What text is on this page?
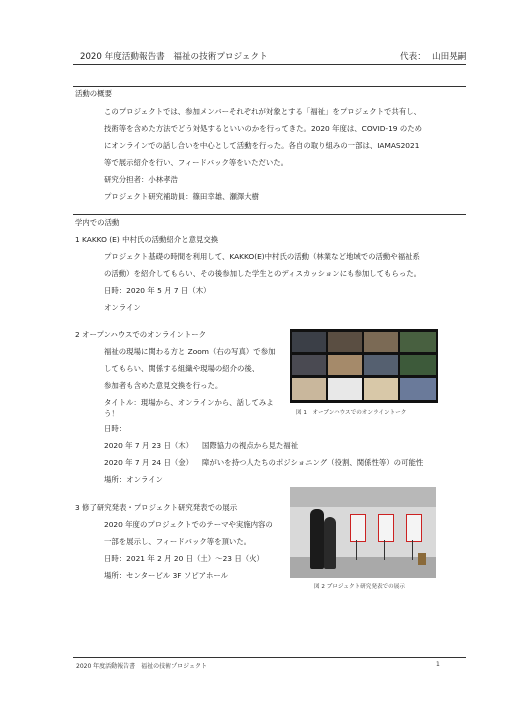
2020 年度活動報告書　福祉の技術プロジェクト	代表： 山田晃嗣
活動の概要
このプロジェクトでは、参加メンバーそれぞれが対象とする「福祉」をプロジェクトで共有し、
技術等を含めた方法でどう対処するといいのかを行ってきた。2020 年度は、COVID-19 のため
にオンラインでの話し合いを中心として活動を行った。各自の取り組みの一部は、IAMAS2021
等で展示紹介を行い、フィードバック等をいただいた。
研究分担者：小林孝浩
プロジェクト研究補助員：篠田幸雄、瀬澤大樹
学内での活動
1 KAKKO (E) 中村氏の活動紹介と意見交換
プロジェクト基礎の時間を利用して、KAKKO(E)中村氏の活動（林業など地域での活動や福祉系
の活動）を紹介してもらい、その後参加した学生とのディスカッションにも参加してもらった。
日時：2020 年 5 月 7 日（木）
オンライン
2 オープンハウスでのオンライントーク
福祉の現場に関わる方と Zoom（右の写真）で参加
してもらい、関係する組織や現場の紹介の後、
参加者も含めた意見交換を行った。
タイトル：現場から、オンラインから、話してみよ
う！
日時：
2020 年 7 月 23 日（木） 国際協力の視点から見た福祉
2020 年 7 月 24 日（金） 障がいを持つ人たちのポジショニング（役割、関係性等）の可能性
場所：オンライン
図 1　オープンハウスでのオンライントーク
3 修了研究発表・プロジェクト研究発表での展示
2020 年度のプロジェクトでのテーマや実施内容の
一部を展示し、フィードバック等を頂いた。
日時：2021 年 2 月 20 日（土）～23 日（火）
場所：センタービル 3F ソピアホール
図 2 プロジェクト研究発表での展示
2020 年度活動報告書　福祉の技術プロジェクト	1
